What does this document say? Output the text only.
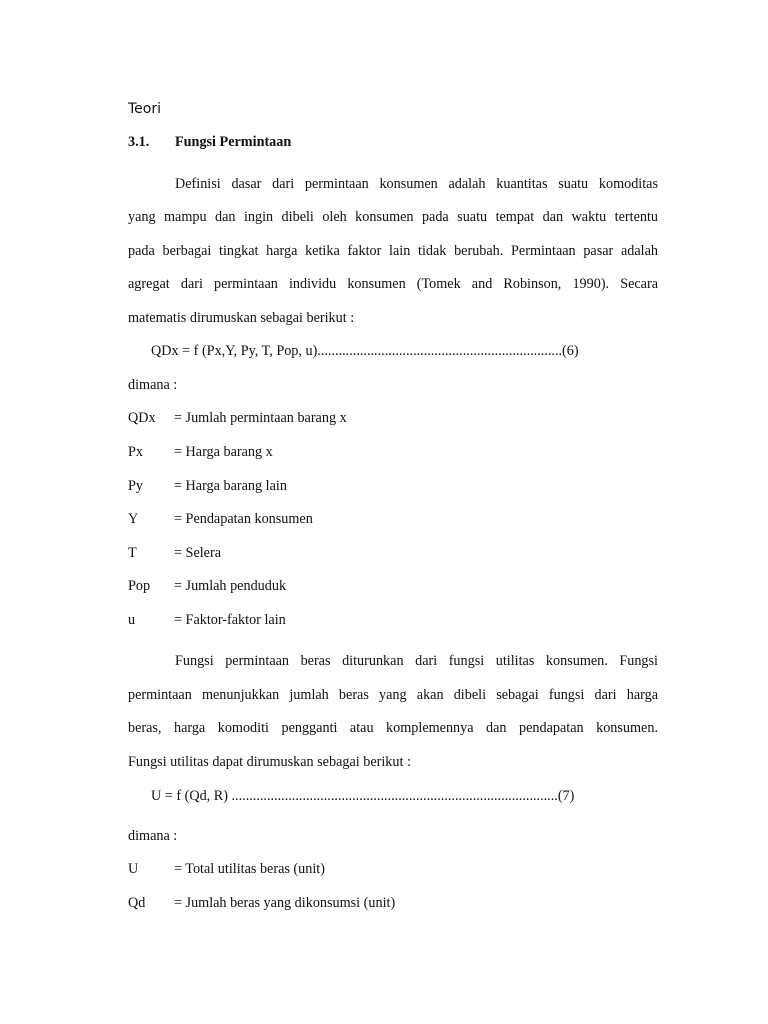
Teori
3.1. Fungsi Permintaan
Definisi dasar dari permintaan konsumen adalah kuantitas suatu komoditas
yang mampu dan ingin dibeli oleh konsumen pada suatu tempat dan waktu tertentu
pada berbagai tingkat harga ketika faktor lain tidak berubah. Permintaan pasar adalah
agregat dari permintaan individu konsumen (Tomek and Robinson, 1990). Secara
matematis dirumuskan sebagai berikut :
QDx = f (Px,Y, Py, T, Pop, u).....................................................................(6)
dimana :
QDx = Jumlah permintaan barang x
Px = Harga barang x
Py = Harga barang lain
Y	= Pendapatan konsumen
T	= Selera
Pop = Jumlah penduduk
u	= Faktor-faktor lain
Fungsi permintaan beras diturunkan dari fungsi utilitas konsumen. Fungsi
permintaan menunjukkan jumlah beras yang akan dibeli sebagai fungsi dari harga
beras, harga komoditi pengganti atau komplemennya dan pendapatan konsumen.
Fungsi utilitas dapat dirumuskan sebagai berikut :
U = f (Qd, R) ............................................................................................(7)
dimana :
U	= Total utilitas beras (unit)
Qd = Jumlah beras yang dikonsumsi (unit)
